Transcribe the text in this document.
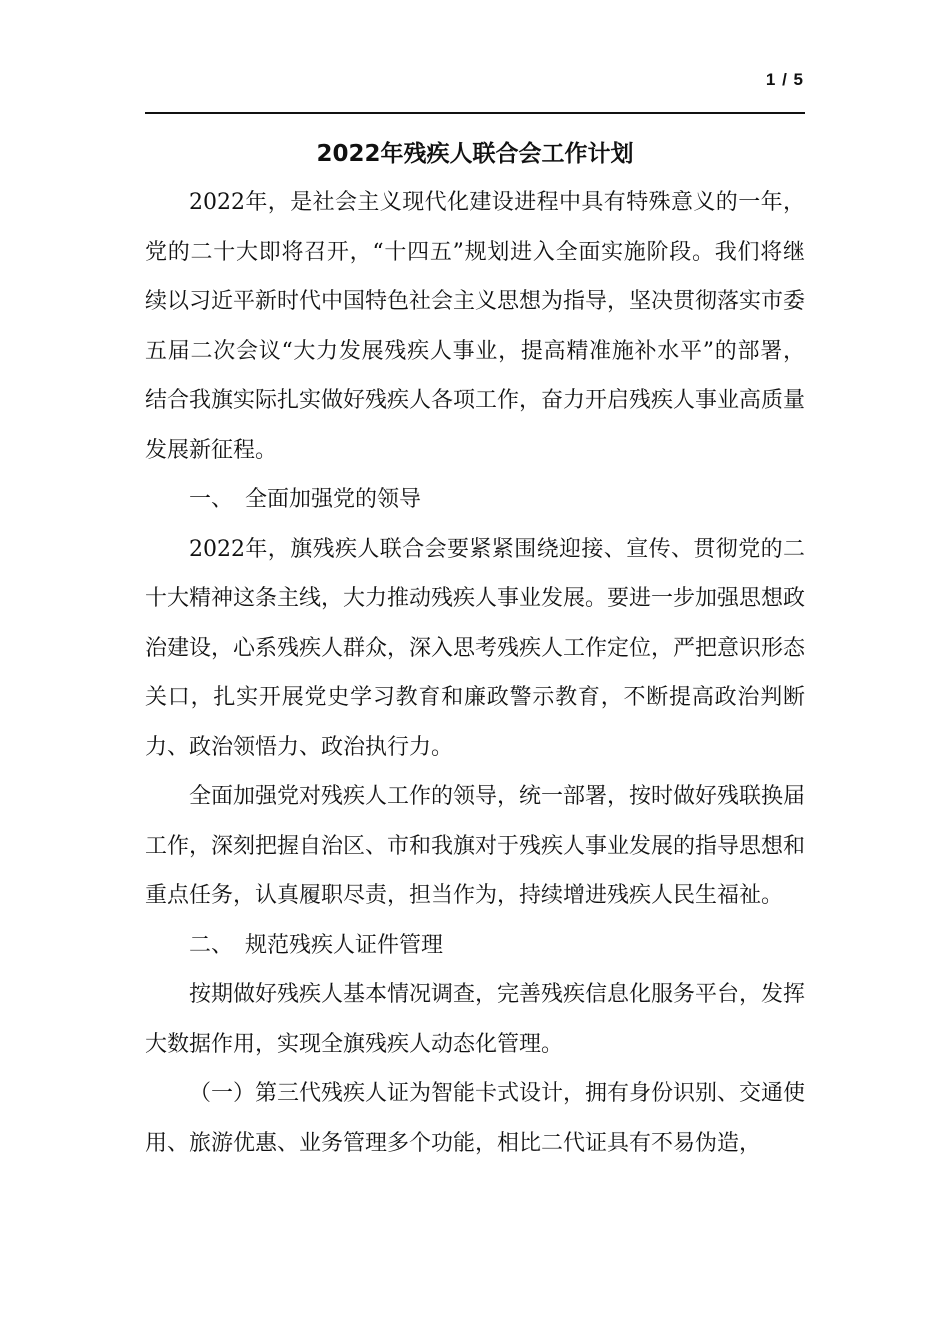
1 / 5
2022年残疾人联合会工作计划

2022年，是社会主义现代化建设进程中具有特殊意义的一年，党的二十大即将召开，“十四五”规划进入全面实施阶段。我们将继续以习近平新时代中国特色社会主义思想为指导，坚决贯彻落实市委五届二次会议“大力发展残疾人事业，提高精准施补水平”的部署，结合我旗实际扎实做好残疾人各项工作，奋力开启残疾人事业高质量发展新征程。

一、 全面加强党的领导

2022年，旗残疾人联合会要紧紧围绕迎接、宣传、贯彻党的二十大精神这条主线，大力推动残疾人事业发展。要进一步加强思想政治建设，心系残疾人群众，深入思考残疾人工作定位，严把意识形态关口，扎实开展党史学习教育和廉政警示教育，不断提高政治判断力、政治领悟力、政治执行力。

全面加强党对残疾人工作的领导，统一部署，按时做好残联换届工作，深刻把握自治区、市和我旗对于残疾人事业发展的指导思想和重点任务，认真履职尽责，担当作为，持续增进残疾人民生福祉。

二、 规范残疾人证件管理

按期做好残疾人基本情况调查，完善残疾信息化服务平台，发挥大数据作用，实现全旗残疾人动态化管理。

（一）第三代残疾人证为智能卡式设计，拥有身份识别、交通使用、旅游优惠、业务管理多个功能，相比二代证具有不易伪造，
